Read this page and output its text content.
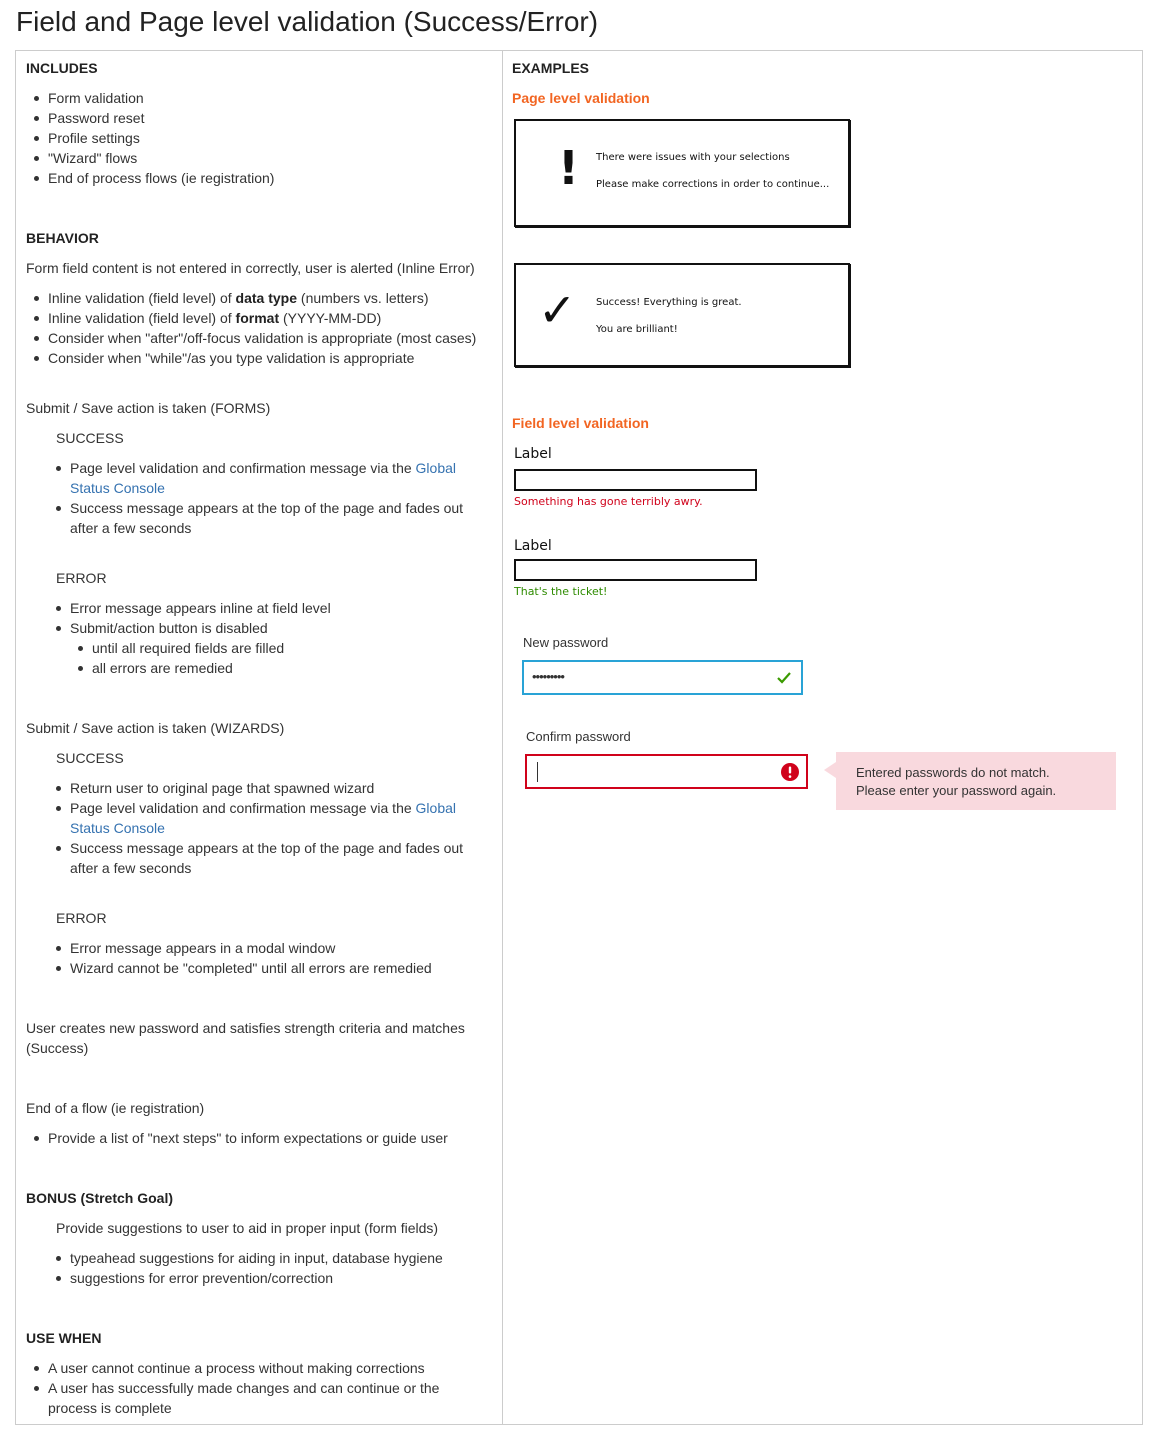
Field and Page level validation (Success/Error)
INCLUDES
Form validation
Password reset
Profile settings
"Wizard" flows
End of process flows (ie registration)
BEHAVIOR
Form field content is not entered in correctly, user is alerted (Inline Error)
Inline validation (field level) of data type (numbers vs. letters)
Inline validation (field level) of format (YYYY-MM-DD)
Consider when "after"/off-focus validation is appropriate (most cases)
Consider when "while"/as you type validation is appropriate
Submit / Save action is taken (FORMS)
SUCCESS
Page level validation and confirmation message via the Global
Status Console
Success message appears at the top of the page and fades out
after a few seconds
ERROR
Error message appears inline at field level
Submit/action button is disabled
until all required fields are filled
all errors are remedied
Submit / Save action is taken (WIZARDS)
SUCCESS
Return user to original page that spawned wizard
Page level validation and confirmation message via the Global
Status Console
Success message appears at the top of the page and fades out
after a few seconds
ERROR
Error message appears in a modal window
Wizard cannot be "completed" until all errors are remedied
User creates new password and satisfies strength criteria and matches
(Success)
End of a flow (ie registration)
Provide a list of "next steps" to inform expectations or guide user
BONUS (Stretch Goal)
Provide suggestions to user to aid in proper input (form fields)
typeahead suggestions for aiding in input, database hygiene
suggestions for error prevention/correction
USE WHEN
A user cannot continue a process without making corrections
A user has successfully made changes and can continue or the
process is complete
EXAMPLES
Page level validation
! There were issues with your selections
Please make corrections in order to continue...
✓ Success! Everything is great.
You are brilliant!
Field level validation
Label
Something has gone terribly awry.
Label
That's the ticket!
New password
•••••••••
Confirm password
Entered passwords do not match.
Please enter your password again.
